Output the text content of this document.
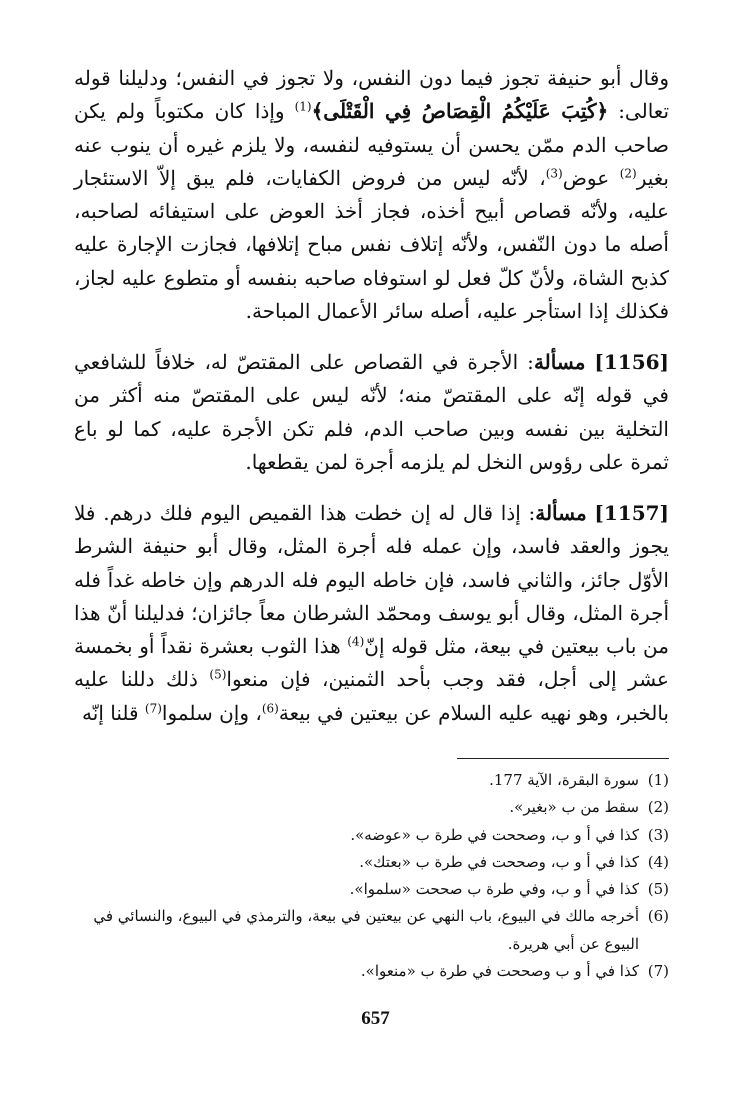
وقال أبو حنيفة تجوز فيما دون النفس، ولا تجوز في النفس؛ ودليلنا قوله تعالى: ﴿كُتِبَ عَلَيْكُمُ الْقِصَاصُ فِي الْقَتْلَى﴾$^{(1)}$ وإذا كان مكتوباً ولم يكن صاحب الدم ممّن يحسن أن يستوفيه لنفسه، ولا يلزم غيره أن ينوب عنه بغير$^{(2)}$ عوض$^{(3)}$، لأنّه ليس من فروض الكفايات، فلم يبق إلاّ الاستئجار عليه، ولأنّه قصاص أبيح أخذه، فجاز أخذ العوض على استيفائه لصاحبه، أصله ما دون النّفس، ولأنّه إتلاف نفس مباح إتلافها، فجازت الإجارة عليه كذبح الشاة، ولأنّ كلّ فعل لو استوفاه صاحبه بنفسه أو متطوع عليه لجاز، فكذلك إذا استأجر عليه، أصله سائر الأعمال المباحة.

[1156] مسألة: الأجرة في القصاص على المقتصّ له، خلافاً للشافعي في قوله إنّه على المقتصّ منه؛ لأنّه ليس على المقتصّ منه أكثر من التخلية بين نفسه وبين صاحب الدم، فلم تكن الأجرة عليه، كما لو باع ثمرة على رؤوس النخل لم يلزمه أجرة لمن يقطعها.

[1157] مسألة: إذا قال له إن خطت هذا القميص اليوم فلك درهم. فلا يجوز والعقد فاسد، وإن عمله فله أجرة المثل، وقال أبو حنيفة الشرط الأوّل جائز، والثاني فاسد، فإن خاطه اليوم فله الدرهم وإن خاطه غداً فله أجرة المثل، وقال أبو يوسف ومحمّد الشرطان معاً جائزان؛ فدليلنا أنّ هذا من باب بيعتين في بيعة، مثل قوله إنّ$^{(4)}$ هذا الثوب بعشرة نقداً أو بخمسة عشر إلى أجل، فقد وجب بأحد الثمنين، فإن منعوا$^{(5)}$ ذلك دللنا عليه بالخبر، وهو نهيه عليه السلام عن بيعتين في بيعة$^{(6)}$، وإن سلموا$^{(7)}$ قلنا إنّه

(1)
سورة البقرة، الآية 177.
(2)
سقط من ب «بغير».
(3)
كذا في أ و ب، وصححت في طرة ب «عوضه».
(4)
كذا في أ و ب، وصححت في طرة ب «بعتك».
(5)
كذا في أ و ب، وفي طرة ب صححت «سلموا».
(6)
أخرجه مالك في البيوع، باب النهي عن بيعتين في بيعة، والترمذي في البيوع، والنسائي في البيوع عن أبي هريرة.
(7)
كذا في أ و ب وصححت في طرة ب «منعوا».
657
